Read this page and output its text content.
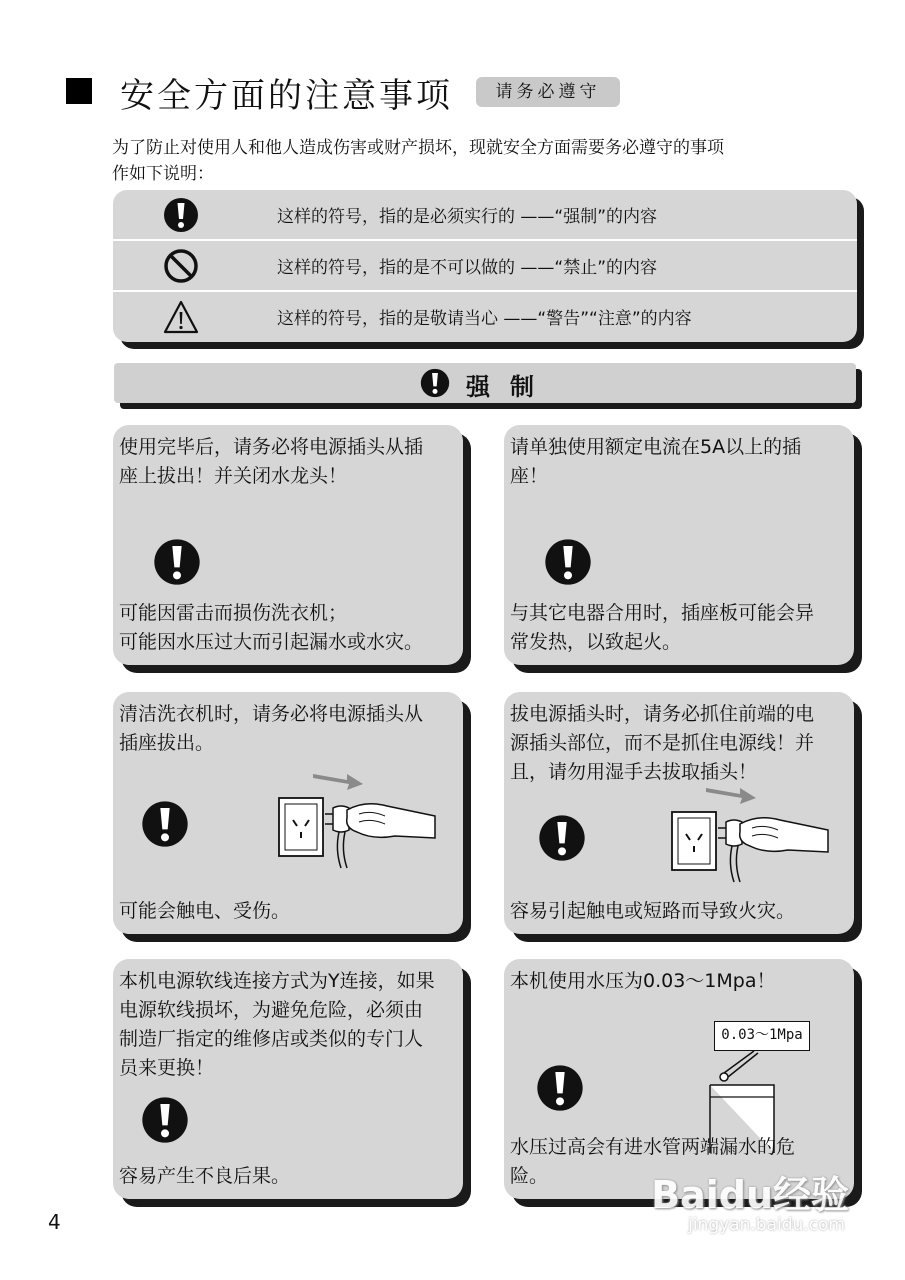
安全方面的注意事项	请务必遵守
为了防止对使用人和他人造成伤害或财产损坏，现就安全方面需要务必遵守的事项
作如下说明：
这样的符号，指的是必须实行的 ——“强制”的内容
这样的符号，指的是不可以做的 ——“禁止”的内容
这样的符号，指的是敬请当心 ——“警告”“注意”的内容
强制
使用完毕后，请务必将电源插头从插
座上拔出！并关闭水龙头！
可能因雷击而损伤洗衣机；
可能因水压过大而引起漏水或水灾。
请单独使用额定电流在5A以上的插
座！
与其它电器合用时，插座板可能会异
常发热，以致起火。
清洁洗衣机时，请务必将电源插头从
插座拔出。
可能会触电、受伤。
拔电源插头时，请务必抓住前端的电
源插头部位，而不是抓住电源线！并
且，请勿用湿手去拔取插头！
容易引起触电或短路而导致火灾。
本机电源软线连接方式为Y连接，如果
电源软线损坏，为避免危险，必须由
制造厂指定的维修店或类似的专门人
员来更换！
容易产生不良后果。
本机使用水压为0.03～1Mpa！
0.03～1Mpa
水压过高会有进水管两端漏水的危
险。
4
Baidu经验
jingyan.baidu.com
